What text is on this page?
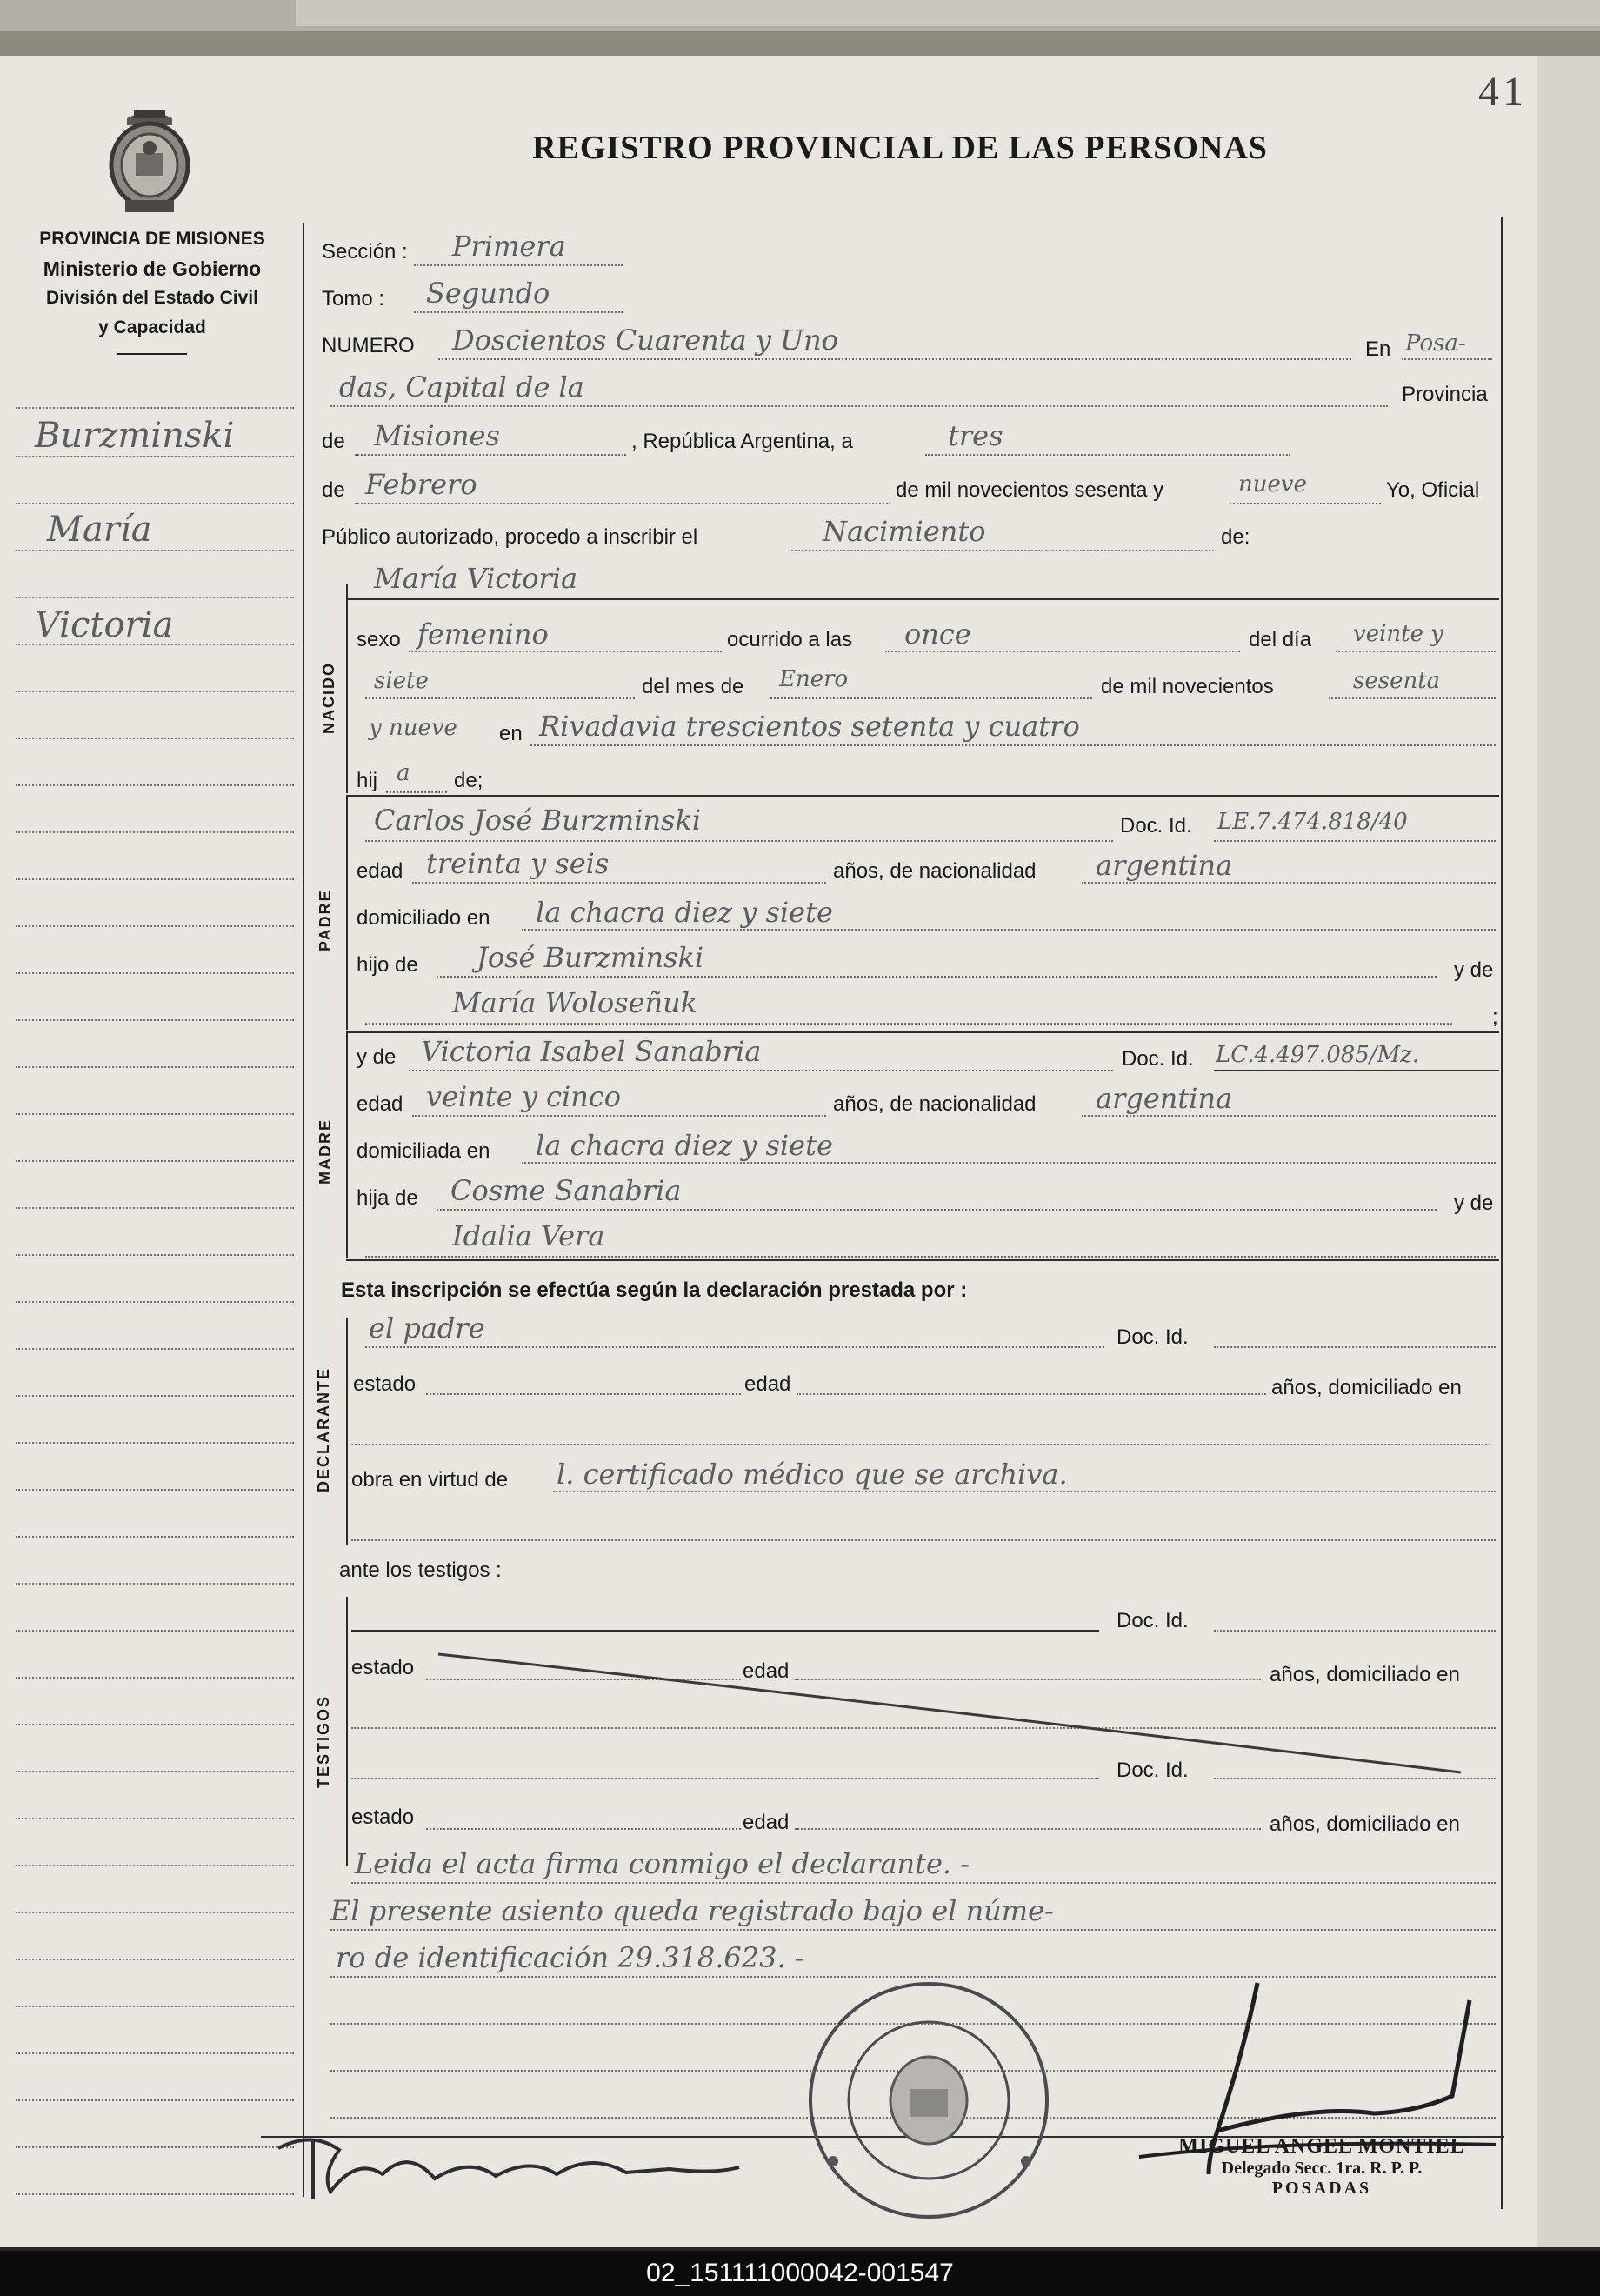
41
PROVINCIA DE MISIONES
Ministerio de Gobierno
División del Estado Civil
y Capacidad
REGISTRO PROVINCIAL DE LAS PERSONAS
Burzminski
María
Victoria
Sección : Primera
Tomo : Segundo
NUMERO Doscientos Cuarenta y Uno	En Posa-
das, Capital de la	Provincia
de Misiones	, República Argentina, a	tres
de Febrero	de mil novecientos sesenta y	nueve	Yo, Oficial
Público autorizado, procedo a inscribir el	Nacimiento	de:
María Victoria
NACIDO
sexo femenino	ocurrido a las once	del día veinte y
siete	del mes de Enero	de mil novecientos	sesenta
y nueve en Rivadavia trescientos setenta y cuatro
hij a de;
PADRE
Carlos José Burzminski	Doc. Id. LE.7.474.818/40
edad treinta y seis	años, de nacionalidad argentina
domiciliado en la chacra diez y siete
hijo de José Burzminski	y de
María Woloseñuk	;
MADRE
y de Victoria Isabel Sanabria	Doc. Id. LC.4.497.085/Mz.
edad veinte y cinco	años, de nacionalidad argentina
domiciliada en la chacra diez y siete
hija de Cosme Sanabria	y de
Idalia Vera
Esta inscripción se efectúa según la declaración prestada por :
DECLARANTE
el padre	Doc. Id.
estado	edad	años, domiciliado en
obra en virtud de l. certificado médico que se archiva.
ante los testigos :
TESTIGOS
Doc. Id.
estado	edad	años, domiciliado en
Doc. Id.
estado	edad	años, domiciliado en
Leida el acta firma conmigo el declarante. -
El presente asiento queda registrado bajo el núme-
ro de identificación 29.318.623. -
MIGUEL ANGEL MONTIEL
Delegado Secc. 1ra. R. P. P.
POSADAS
02_151111000042-001547
